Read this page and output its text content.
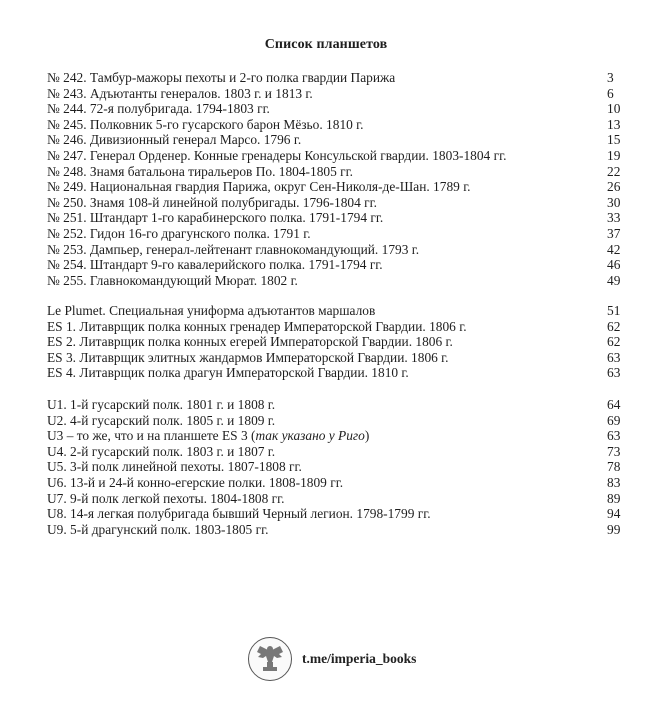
Список планшетов
№ 242. Тамбур-мажоры пехоты и 2-го полка гвардии Парижа	3
№ 243. Адъютанты генералов. 1803 г. и 1813 г.	6
№ 244. 72-я полубригада. 1794-1803 гг.	10
№ 245. Полковник 5-го гусарского барон Мёзьо. 1810 г.	13
№ 246. Дивизионный генерал Марсо. 1796 г.	15
№ 247. Генерал Орденер. Конные гренадеры Консульской гвардии. 1803-1804 гг.	19
№ 248. Знамя батальона тиральеров По. 1804-1805 гг.	22
№ 249. Национальная гвардия Парижа, округ Сен-Николя-де-Шан. 1789 г.	26
№ 250. Знамя 108-й линейной полубригады. 1796-1804 гг.	30
№ 251. Штандарт 1-го карабинерского полка. 1791-1794 гг.	33
№ 252. Гидон 16-го драгунского полка. 1791 г.	37
№ 253. Дампьер, генерал-лейтенант главнокомандующий. 1793 г.	42
№ 254. Штандарт 9-го кавалерийского полка. 1791-1794 гг.	46
№ 255. Главнокомандующий Мюрат. 1802 г.	49
Le Plumet. Специальная униформа адъютантов маршалов	51
ES 1. Литаврщик полка конных гренадер Императорской Гвардии. 1806 г.	62
ES 2. Литаврщик полка конных егерей Императорской Гвардии. 1806 г.	62
ES 3. Литаврщик элитных жандармов Императорской Гвардии. 1806 г.	63
ES 4. Литаврщик полка драгун Императорской Гвардии. 1810 г.	63
U1. 1-й гусарский полк. 1801 г. и 1808 г.	64
U2. 4-й гусарский полк. 1805 г. и 1809 г.	69
U3 – то же, что и на планшете ES 3 (так указано у Риго)	63
U4. 2-й гусарский полк. 1803 г. и 1807 г.	73
U5. 3-й полк линейной пехоты. 1807-1808 гг.	78
U6. 13-й и 24-й конно-егерские полки. 1808-1809 гг.	83
U7. 9-й полк легкой пехоты. 1804-1808 гг.	89
U8. 14-я легкая полубригада бывший Черный легион. 1798-1799 гг.	94
U9. 5-й драгунский полк. 1803-1805 гг.	99
t.me/imperia_books
